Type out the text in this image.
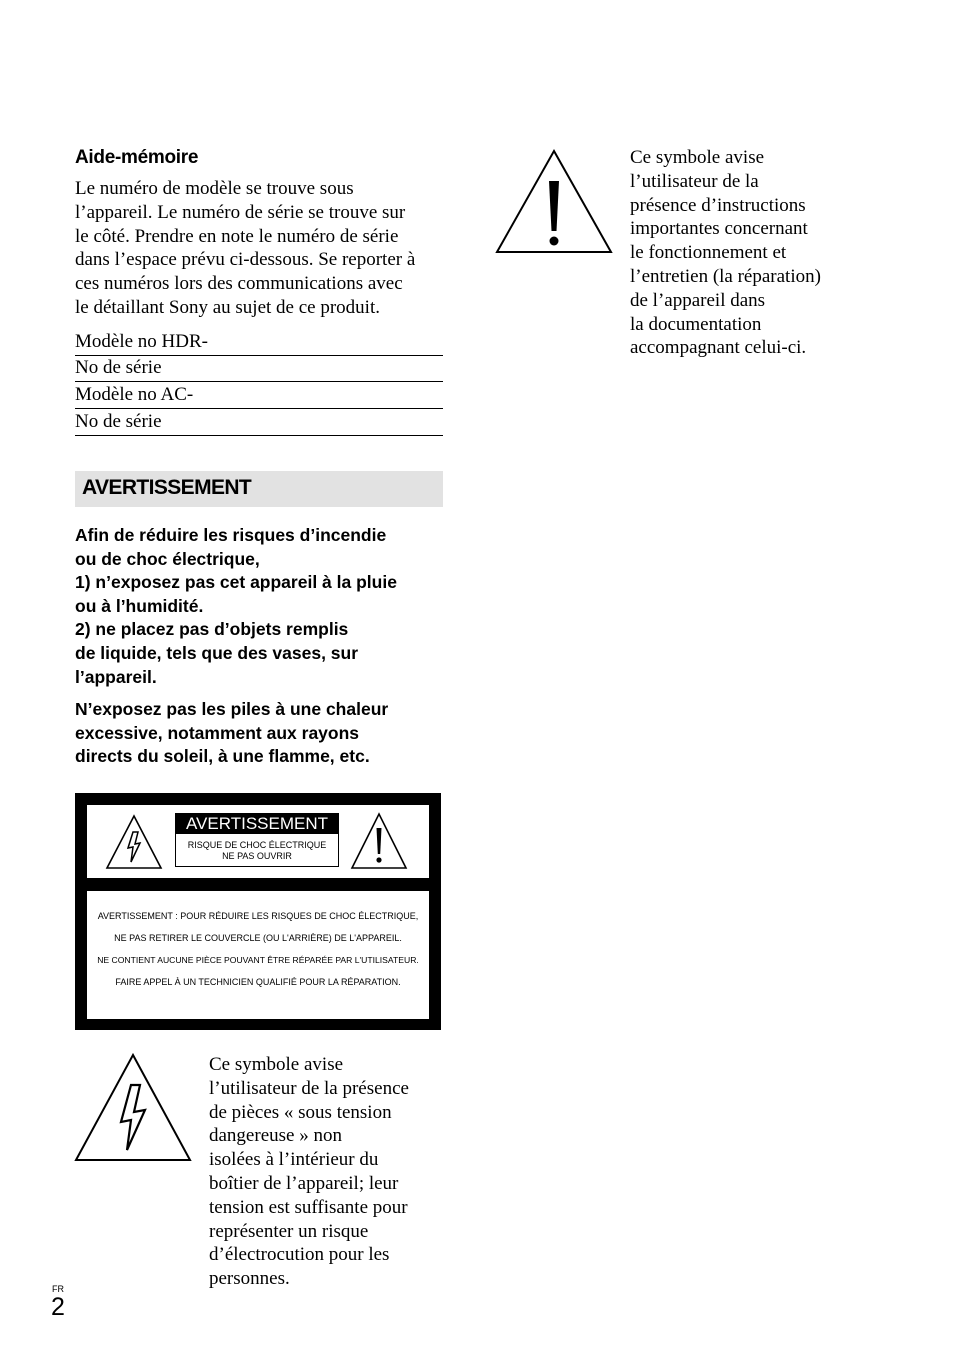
Aide-mémoire
Le numéro de modèle se trouve sous
l’appareil. Le numéro de série se trouve sur
le côté. Prendre en note le numéro de série
dans l’espace prévu ci-dessous. Se reporter à
ces numéros lors des communications avec
le détaillant Sony au sujet de ce produit.
Modèle no HDR-
No de série
Modèle no AC-
No de série
AVERTISSEMENT
Afin de réduire les risques d’incendie
ou de choc électrique,
1) n’exposez pas cet appareil à la pluie
ou à l’humidité.
2) ne placez pas d’objets remplis
de liquide, tels que des vases, sur
l’appareil.
N’exposez pas les piles à une chaleur
excessive, notamment aux rayons
directs du soleil, à une flamme, etc.
AVERTISSEMENT
RISQUE DE CHOC ÉLECTRIQUE
NE PAS OUVRIR
AVERTISSEMENT : POUR RÉDUIRE LES RISQUES DE CHOC ÉLECTRIQUE,
NE PAS RETIRER LE COUVERCLE (OU L'ARRIÈRE) DE L'APPAREIL.
NE CONTIENT AUCUNE PIÈCE POUVANT ÊTRE RÉPARÉE PAR L'UTILISATEUR.
FAIRE APPEL À UN TECHNICIEN QUALIFIÉ POUR LA RÉPARATION.
Ce symbole avise
l’utilisateur de la
présence d’instructions
importantes concernant
le fonctionnement et
l’entretien (la réparation)
de l’appareil dans
la documentation
accompagnant celui-ci.
Ce symbole avise
l’utilisateur de la présence
de pièces « sous tension
dangereuse » non
isolées à l’intérieur du
boîtier de l’appareil; leur
tension est suffisante pour
représenter un risque
d’électrocution pour les
personnes.
FR
2
